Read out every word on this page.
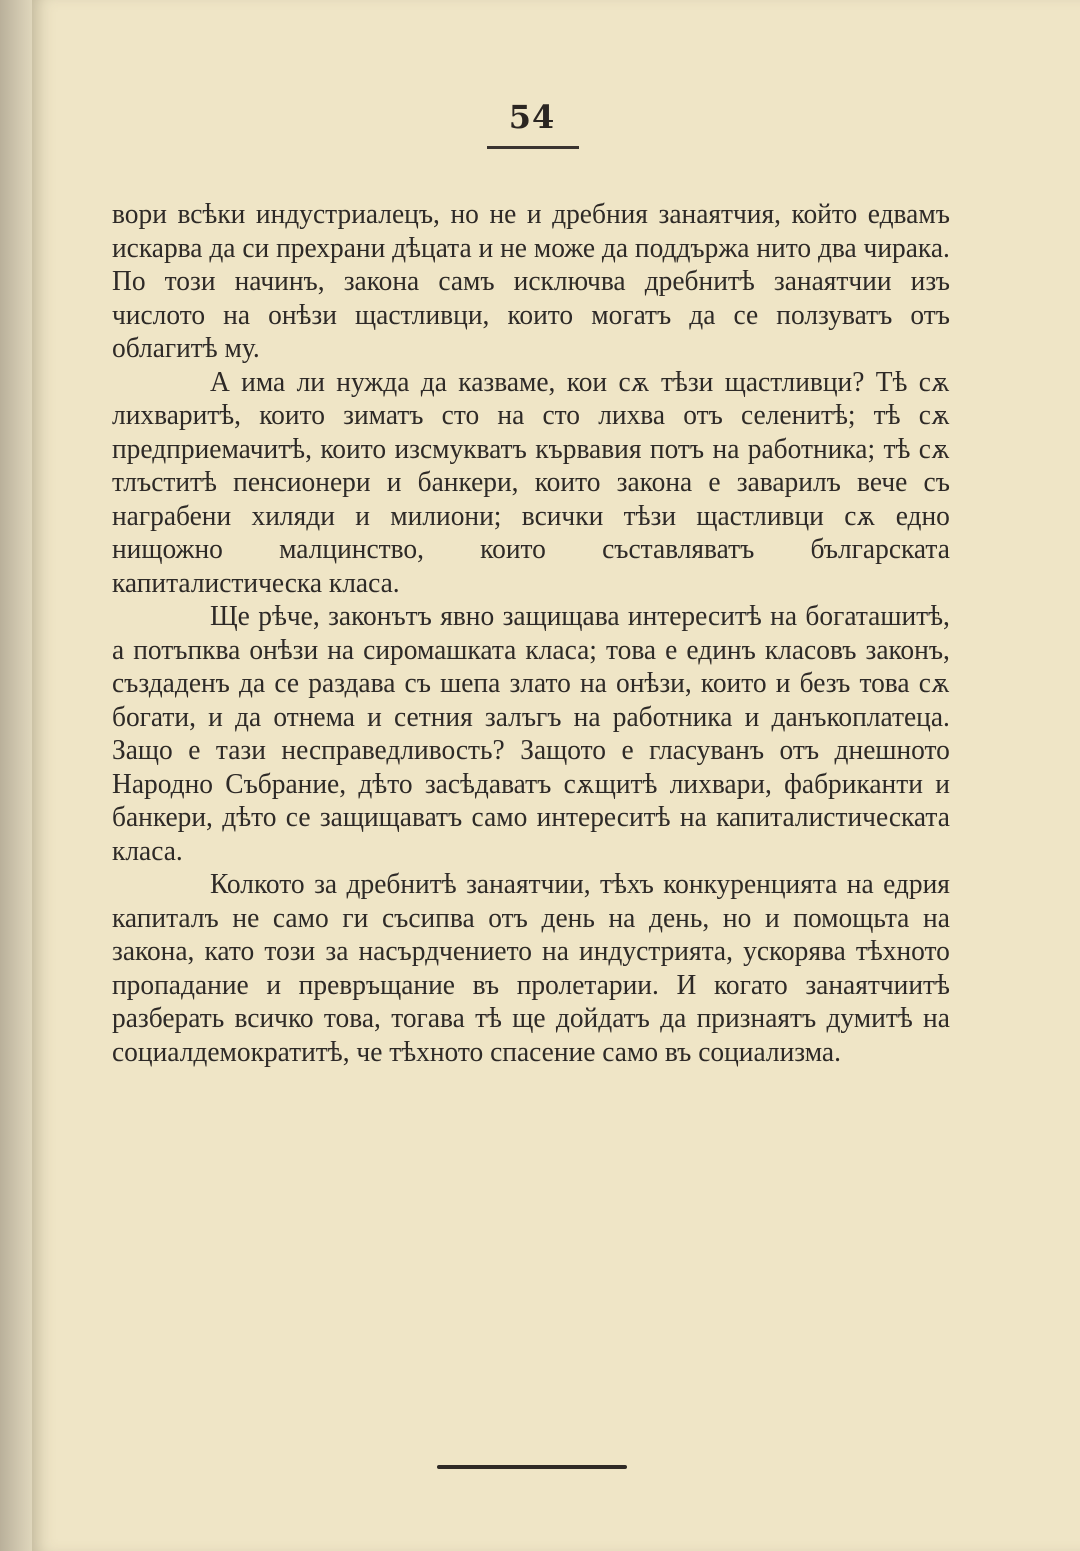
54

вори всѣки индустриалецъ, но не и дребния занаятчия, който едвамъ искарва да си прехрани дѣцата и не може да поддържа нито два чирака. По този начинъ, закона самъ исключва дребнитѣ занаятчии изъ числото на онѣзи щастливци, които могатъ да се ползуватъ отъ облагитѣ му.

А има ли нужда да казваме, кои сѫ тѣзи щастливци? Тѣ сѫ лихваритѣ, които зиматъ сто на сто лихва отъ селенитѣ; тѣ сѫ предприемачитѣ, които изсмукватъ кървавия потъ на работника; тѣ сѫ тлъститѣ пенсионери и банкери, които закона е заварилъ вече съ награбени хиляди и милиони; всички тѣзи щастливци сѫ едно нищожно малцинство, които съставляватъ българската капиталистическа класа.

Ще рѣче, законътъ явно защищава интереситѣ на богаташитѣ, а потъпква онѣзи на сиромашката класа; това е единъ класовъ законъ, създаденъ да се раздава съ шепа злато на онѣзи, които и безъ това сѫ богати, и да отнема и сетния залъгъ на работника и данъкоплатеца. Защо е тази несправедливость? Защото е гласуванъ отъ днешното Народно Събрание, дѣто засѣдаватъ сѫщитѣ лихвари, фабриканти и банкери, дѣто се защищаватъ само интереситѣ на капиталистическата класа.

Колкото за дребнитѣ занаятчии, тѣхъ конкуренцията на едрия капиталъ не само ги съсипва отъ день на день, но и помощьта на закона, като този за насърдчението на индустрията, ускорява тѣхното пропадание и превръщание въ пролетарии. И когато занаятчиитѣ разберать всичко това, тогава тѣ ще дойдатъ да признаятъ думитѣ на социалдемократитѣ, че тѣхното спасение само въ социализма.
